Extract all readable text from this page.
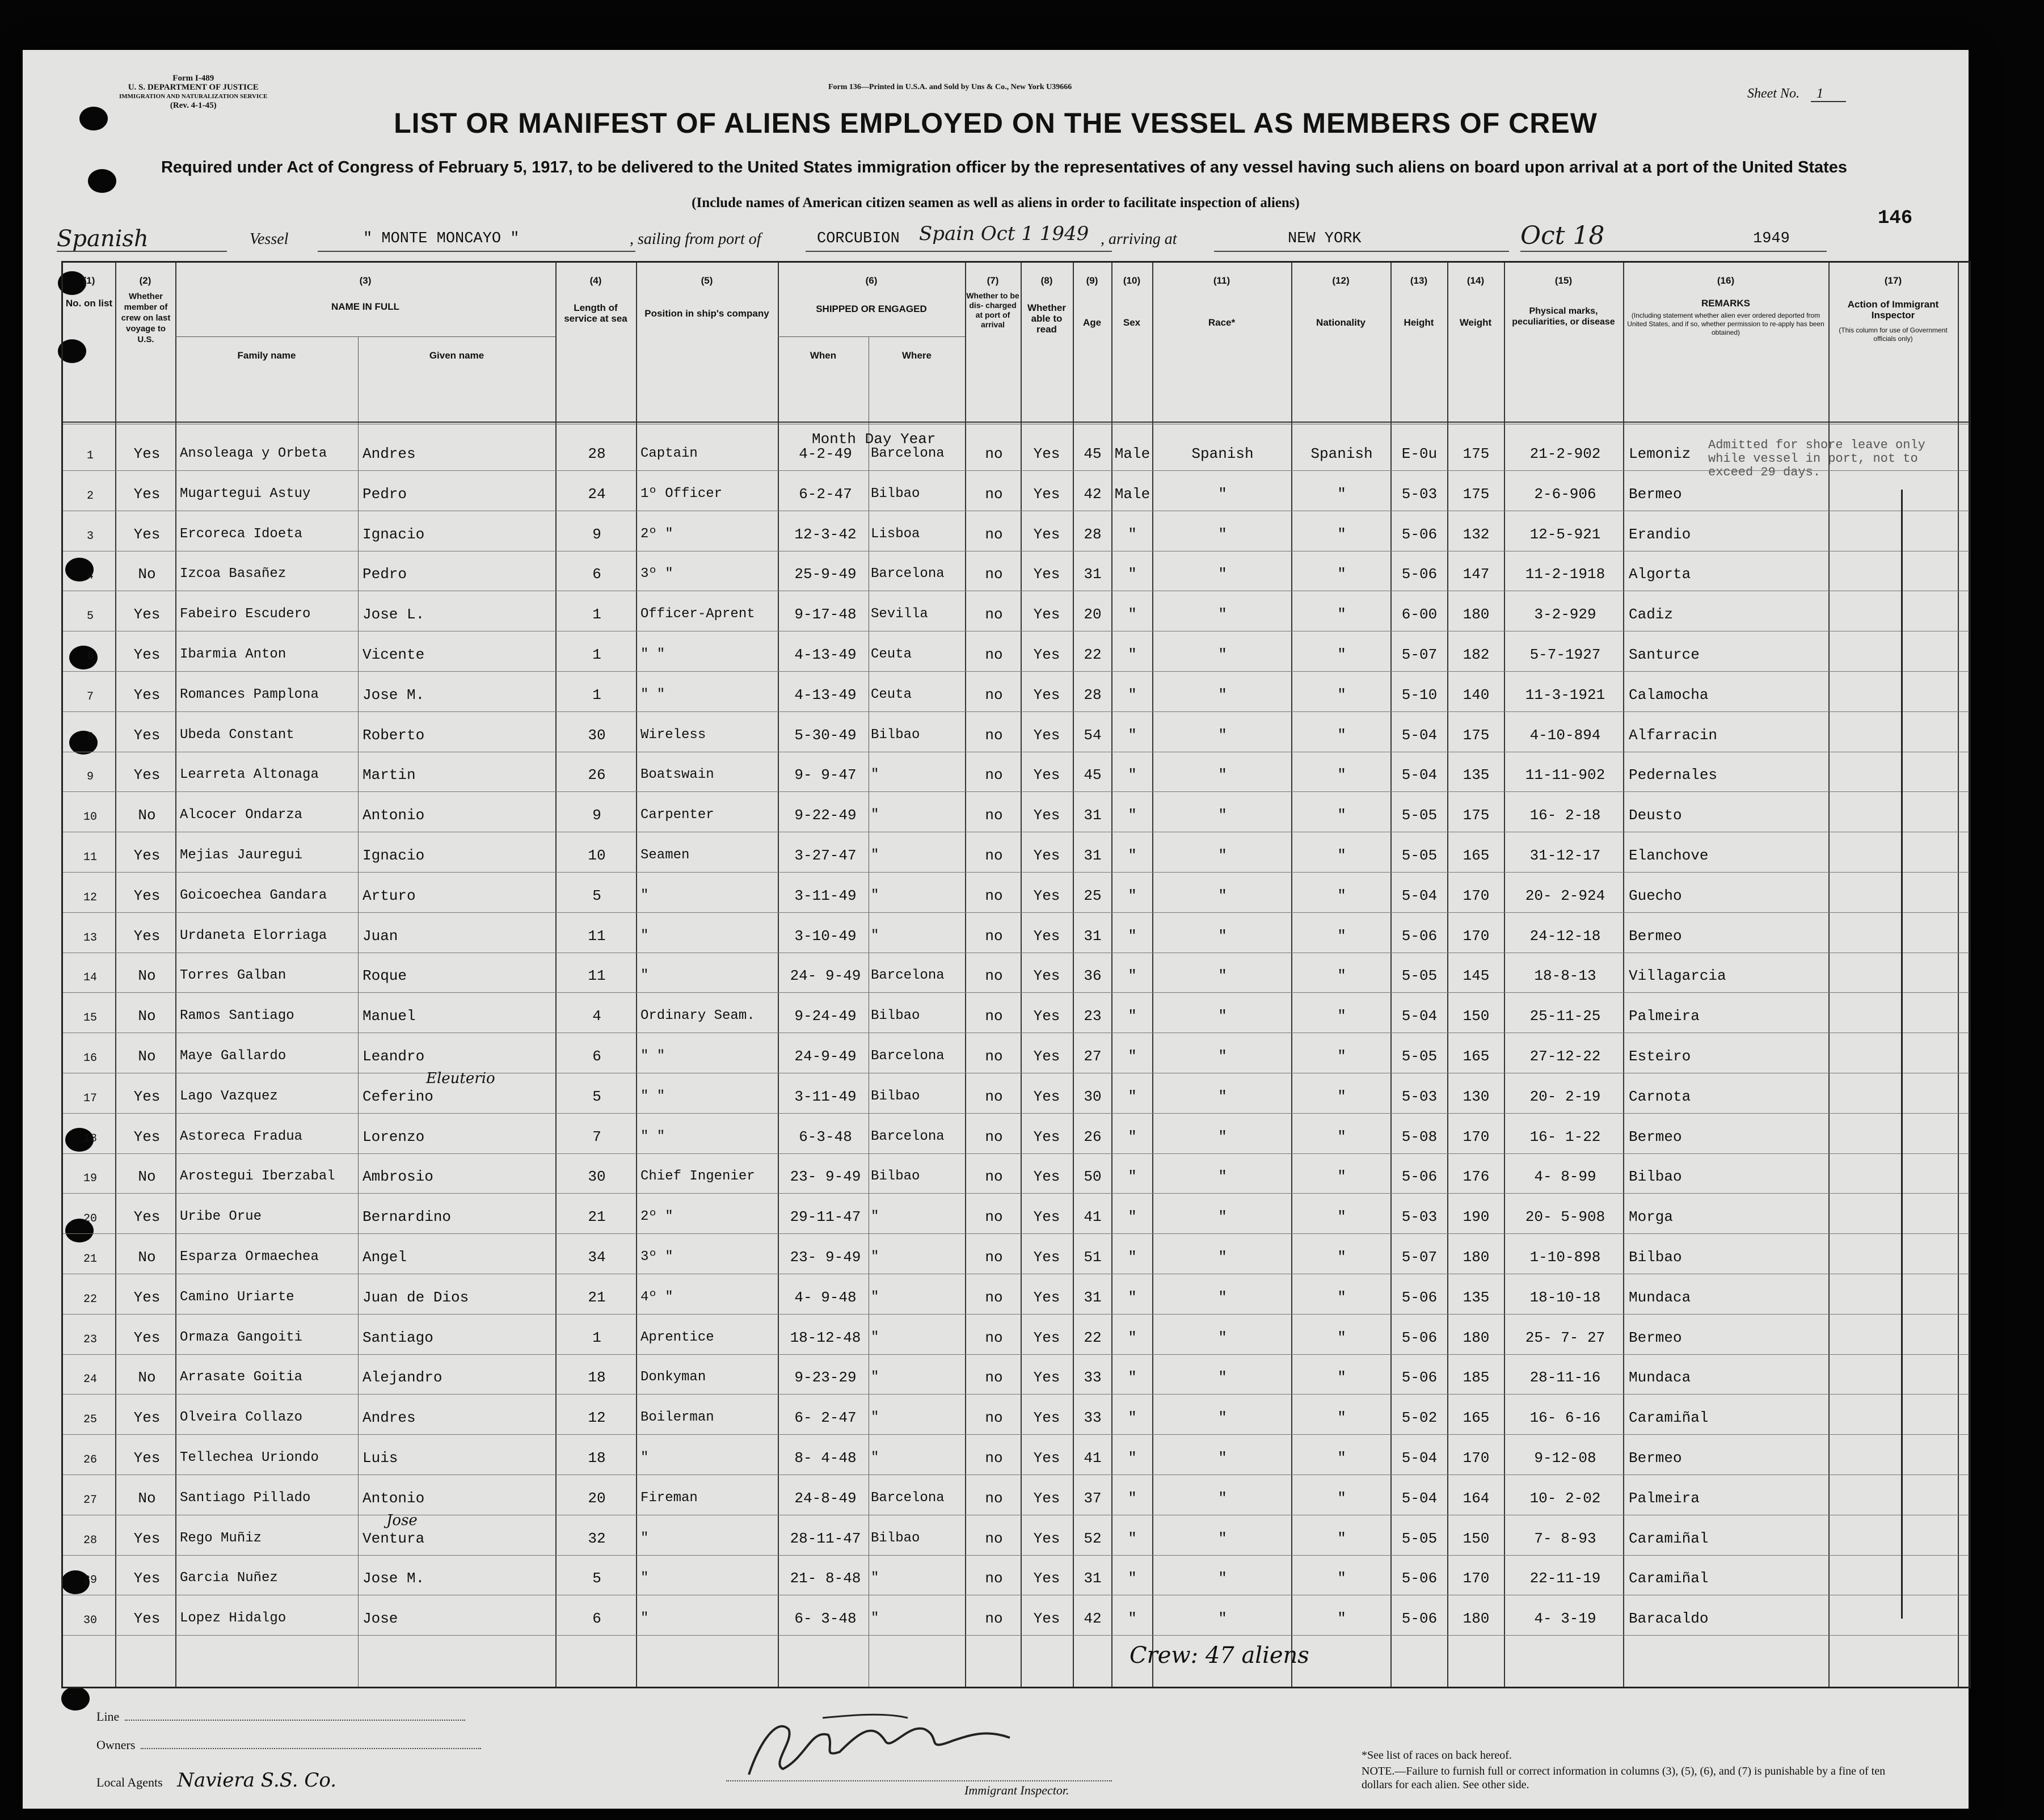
Form I-489
U. S. DEPARTMENT OF JUSTICE
IMMIGRATION AND NATURALIZATION SERVICE
(Rev. 4-1-45)
Form 136—Printed in U.S.A. and Sold by Uns & Co., New York U39666	Sheet No. 1
LIST OR MANIFEST OF ALIENS EMPLOYED ON THE VESSEL AS MEMBERS OF CREW
Required under Act of Congress of February 5, 1917, to be delivered to the United States immigration officer by the representatives of any vessel having such aliens on board upon arrival at a port of the United States
(Include names of American citizen seamen as well as aliens in order to facilitate inspection of aliens)
146
Spanish	Vessel	" MONTE MONCAYO "	, sailing from port of	CORCUBION Spain Oct 1 1949 , arriving at	NEW YORK	Oct 18	1949
(1)
No. on list
(2)
Whether member of crew on last voyage to U.S.
(3)
NAME IN FULL
Family name	Given name
(4)
Length of service at sea
(5)
Position in ship's company
(6)
SHIPPED OR ENGAGED
When	Where
(7)
Whether to be dis- charged at port of arrival
(8)
Whether able to read
(9)
Age
(10)
Sex
(11)
Race*
(12)
Nationality
(13)
Height
(14)
Weight
(15)
Physical marks, peculiarities, or disease
(16)
REMARKS
(Including statement whether alien ever ordered deported from United States, and if so, whether permission to re-apply has been obtained)
(17)
Action of Immigrant Inspector
(This column for use of Government officials only)
Month Day Year	Admitted for shore leave only while vessel in port, not to exceed 29 days.
1	Yes	Ansoleaga y Orbeta	Andres	28	Captain	4-2-49	Barcelona	no	Yes	45 Male	Spanish	Spanish	E-0u	175	21-2-902	Lemoniz
2	Yes	Mugartegui Astuy	Pedro	24	1º Officer	6-2-47	Bilbao	no	Yes	42 Male	"	"	5-03	175	2-6-906	Bermeo
3	Yes	Ercoreca Idoeta	Ignacio	9	2º "	12-3-42	Lisboa	no	Yes	28	"	"	"	5-06	132	12-5-921	Erandio
4	No	Izcoa Basañez	Pedro	6	3º "	25-9-49	Barcelona	no	Yes	31	"	"	"	5-06	147	11-2-1918	Algorta
5	Yes	Fabeiro Escudero	Jose L.	1	Officer-Aprent	9-17-48	Sevilla	no	Yes	20	"	"	"	6-00	180	3-2-929	Cadiz
6	Yes	Ibarmia Anton	Vicente	1	" "	4-13-49	Ceuta	no	Yes	22	"	"	"	5-07	182	5-7-1927	Santurce
7	Yes	Romances Pamplona	Jose M.	1	" "	4-13-49	Ceuta	no	Yes	28	"	"	"	5-10	140	11-3-1921	Calamocha
8	Yes	Ubeda Constant	Roberto	30	Wireless	5-30-49	Bilbao	no	Yes	54	"	"	"	5-04	175	4-10-894	Alfarracin
9	Yes	Learreta Altonaga	Martin	26	Boatswain	9- 9-47	"	no	Yes	45	"	"	"	5-04	135	11-11-902	Pedernales
10	No	Alcocer Ondarza	Antonio	9	Carpenter	9-22-49	"	no	Yes	31	"	"	"	5-05	175	16- 2-18	Deusto
11	Yes	Mejias Jauregui	Ignacio	10	Seamen	3-27-47	"	no	Yes	31	"	"	"	5-05	165	31-12-17	Elanchove
12	Yes	Goicoechea Gandara	Arturo	5	"	3-11-49	"	no	Yes	25	"	"	"	5-04	170	20- 2-924	Guecho
13	Yes	Urdaneta Elorriaga	Juan	11	"	3-10-49	"	no	Yes	31	"	"	"	5-06	170	24-12-18	Bermeo
14	No	Torres Galban	Roque	11	"	24- 9-49 Barcelona	no	Yes	36	"	"	"	5-05	145	18-8-13	Villagarcia
15	No	Ramos Santiago	Manuel	4	Ordinary Seam.	9-24-49	Bilbao	no	Yes	23	"	"	"	5-04	150	25-11-25	Palmeira
16	No	Maye Gallardo	Leandro	6	" "	24-9-49	Barcelona	no	Yes	27	"	"	"	5-05	165	27-12-22	Esteiro
17	Yes	Lago Vazquez	Ceferino	5	" "	3-11-49	Bilbao	no	Yes	30	"	"	"	5-03	130	20- 2-19	Carnota
Eleuterio
18	Yes	Astoreca Fradua	Lorenzo	7	" "	6-3-48	Barcelona	no	Yes	26	"	"	"	5-08	170	16- 1-22	Bermeo
19	No	Arostegui Iberzabal	Ambrosio	30	Chief Ingenier	23- 9-49 Bilbao	no	Yes	50	"	"	"	5-06	176	4- 8-99	Bilbao
20	Yes	Uribe Orue	Bernardino	21	2º "	29-11-47 "	no	Yes	41	"	"	"	5-03	190	20- 5-908	Morga
21	No	Esparza Ormaechea	Angel	34	3º "	23- 9-49 "	no	Yes	51	"	"	"	5-07	180	1-10-898	Bilbao
22	Yes	Camino Uriarte	Juan de Dios	21	4º "	4- 9-48	"	no	Yes	31	"	"	"	5-06	135	18-10-18	Mundaca
23	Yes	Ormaza Gangoiti	Santiago	1	Aprentice	18-12-48 "	no	Yes	22	"	"	"	5-06	180	25- 7- 27	Bermeo
24	No	Arrasate Goitia	Alejandro	18	Donkyman	9-23-29	"	no	Yes	33	"	"	"	5-06	185	28-11-16	Mundaca
25	Yes	Olveira Collazo	Andres	12	Boilerman	6- 2-47	"	no	Yes	33	"	"	"	5-02	165	16- 6-16	Caramiñal
26	Yes	Tellechea Uriondo	Luis	18	"	8- 4-48	"	no	Yes	41	"	"	"	5-04	170	9-12-08	Bermeo
27	No	Santiago Pillado	Antonio	20	Fireman	24-8-49	Barcelona	no	Yes	37	"	"	"	5-04	164	10- 2-02	Palmeira
28	Yes	Rego Muñiz	Ventura	32	"	28-11-47 Bilbao	no	Yes	52	"	"	"	5-05	150	7- 8-93	Caramiñal
Jose
29	Yes	Garcia Nuñez	Jose M.	5	"	21- 8-48 "	no	Yes	31	"	"	"	5-06	170	22-11-19	Caramiñal
30	Yes	Lopez Hidalgo	Jose	6	"	6- 3-48	"	no	Yes	42	"	"	"	5-06	180	4- 3-19	Baracaldo
Crew: 47 aliens
Line
Owners
Local Agents Naviera S.S. Co.	Immigrant Inspector.
*See list of races on back hereof.
NOTE.—Failure to furnish full or correct information in columns (3), (5), (6), and (7) is punishable by a fine of ten dollars for each alien. See other side.
